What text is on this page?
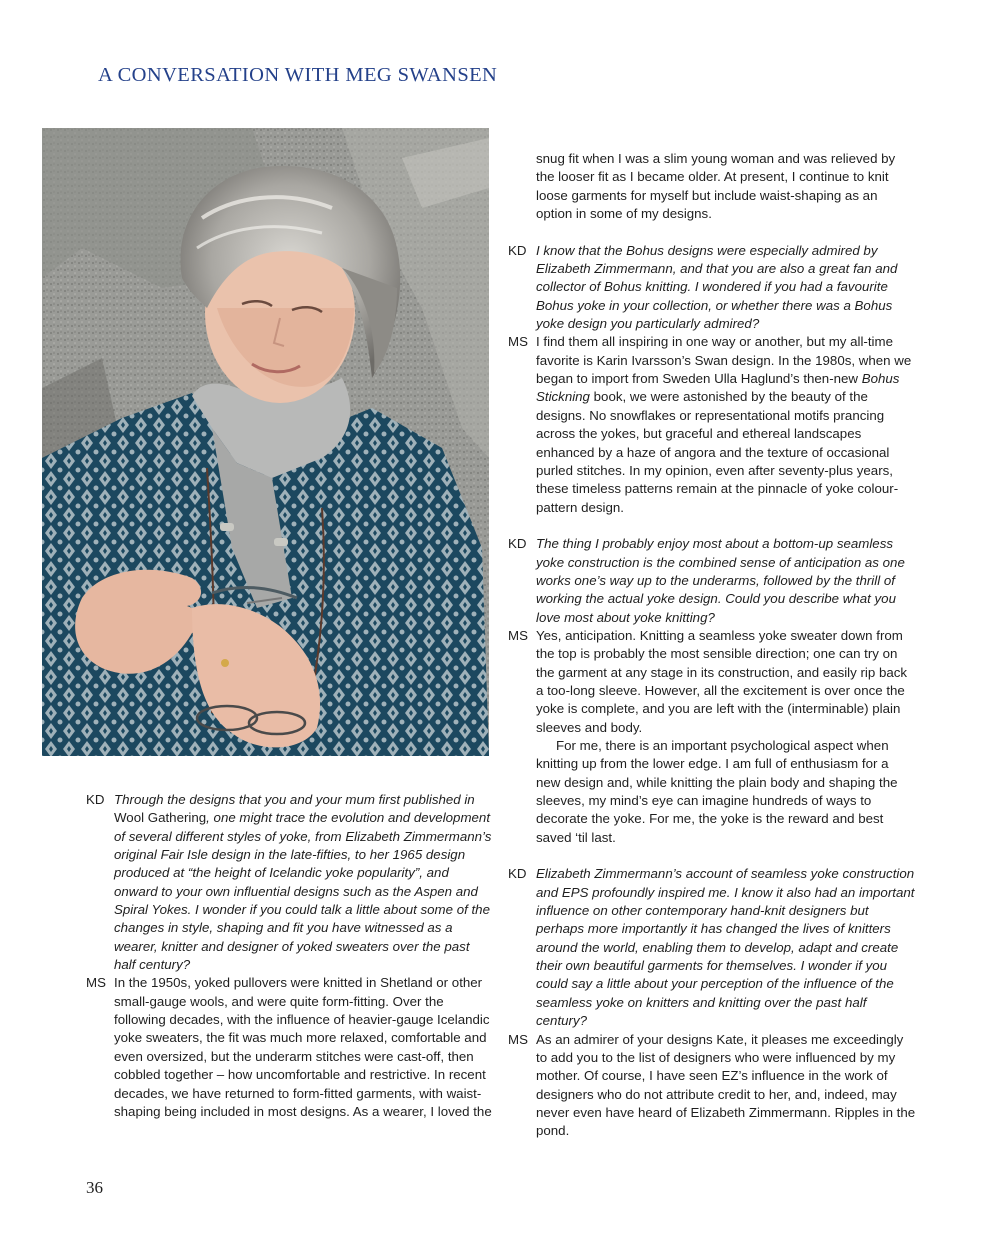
A CONVERSATION WITH MEG SWANSEN
KD Through the designs that you and your mum first published in Wool Gathering, one might trace the evolution and development of several different styles of yoke, from Elizabeth Zimmermann’s original Fair Isle design in the late-fifties, to her 1965 design produced at “the height of Icelandic yoke popularity”, and onward to your own influential designs such as the Aspen and Spiral Yokes. I wonder if you could talk a little about some of the changes in style, shaping and fit you have witnessed as a wearer, knitter and designer of yoked sweaters over the past half century?
MS In the 1950s, yoked pullovers were knitted in Shetland or other small-gauge wools, and were quite form-fitting. Over the following decades, with the influence of heavier-gauge Icelandic yoke sweaters, the fit was much more relaxed, comfortable and even oversized, but the underarm stitches were cast-off, then cobbled together – how uncomfortable and restrictive. In recent decades, we have returned to form-fitted garments, with waist-shaping being included in most designs. As a wearer, I loved the
snug fit when I was a slim young woman and was relieved by the looser fit as I became older. At present, I continue to knit loose garments for myself but include waist-shaping as an option in some of my designs.
KD I know that the Bohus designs were especially admired by Elizabeth Zimmermann, and that you are also a great fan and collector of Bohus knitting. I wondered if you had a favourite Bohus yoke in your collection, or whether there was a Bohus yoke design you particularly admired?
MS I find them all inspiring in one way or another, but my all-time favorite is Karin Ivarsson’s Swan design. In the 1980s, when we began to import from Sweden Ulla Haglund’s then-new Bohus Stickning book, we were astonished by the beauty of the designs. No snowflakes or representational motifs prancing across the yokes, but graceful and ethereal landscapes enhanced by a haze of angora and the texture of occasional purled stitches. In my opinion, even after seventy-plus years, these timeless patterns remain at the pinnacle of yoke colour-pattern design.
KD The thing I probably enjoy most about a bottom-up seamless yoke construction is the combined sense of anticipation as one works one’s way up to the underarms, followed by the thrill of working the actual yoke design. Could you describe what you love most about yoke knitting?
MS Yes, anticipation. Knitting a seamless yoke sweater down from the top is probably the most sensible direction; one can try on the garment at any stage in its construction, and easily rip back a too-long sleeve. However, all the excitement is over once the yoke is complete, and you are left with the (interminable) plain sleeves and body.

For me, there is an important psychological aspect when knitting up from the lower edge. I am full of enthusiasm for a new design and, while knitting the plain body and shaping the sleeves, my mind’s eye can imagine hundreds of ways to decorate the yoke. For me, the yoke is the reward and best saved ‘til last.

KD Elizabeth Zimmermann’s account of seamless yoke construction and EPS profoundly inspired me. I know it also had an important influence on other contemporary hand-knit designers but perhaps more importantly it has changed the lives of knitters around the world, enabling them to develop, adapt and create their own beautiful garments for themselves. I wonder if you could say a little about your perception of the influence of the seamless yoke on knitters and knitting over the past half century?
MS As an admirer of your designs Kate, it pleases me exceedingly to add you to the list of designers who were influenced by my mother. Of course, I have seen EZ’s influence in the work of designers who do not attribute credit to her, and, indeed, may never even have heard of Elizabeth Zimmermann. Ripples in the pond.
36
